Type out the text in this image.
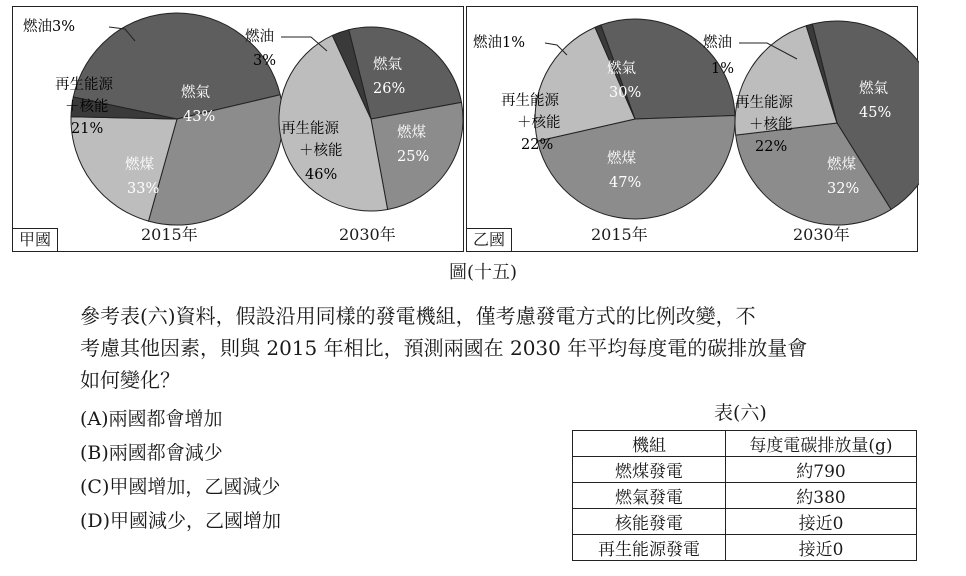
燃油3%
再生能源
＋核能
21%
燃氣
43%
燃煤
33%
燃油
3%	燃氣
26%
再生能源
＋核能
46%
燃煤
25%
甲國	2015年	2030年
燃油1%
再生能源
＋核能
22%
燃氣
30%
燃煤
47%
燃油
1%
再生能源
＋核能
22%
燃氣
45%
燃煤
32%
乙國	2015年	2030年
圖(十五)

參考表(六)資料，假設沿用同樣的發電機組，僅考慮發電方式的比例改變，不

考慮其他因素，則與 2015 年相比，預測兩國在 2030 年平均每度電的碳排放量會

如何變化？

(A)兩國都會增加
(B)兩國都會減少
(C)甲國增加，乙國減少
(D)甲國減少，乙國增加
表(六)
機組	每度電碳排放量(g)
燃煤發電	約790
燃氣發電	約380
核能發電	接近0
再生能源發電	接近0
